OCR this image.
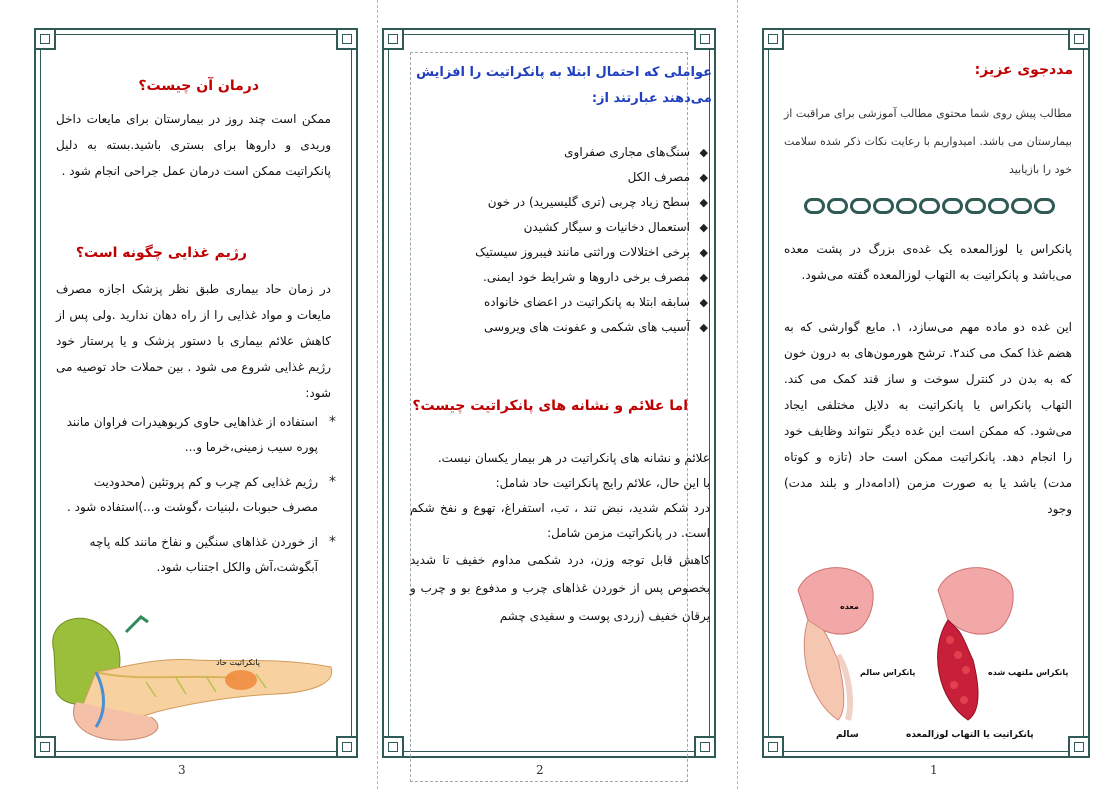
درمان آن چیست؟
ممکن است چند روز در بیمارستان برای مایعات داخل وریدی و داروها برای بستری باشید.بسته به دلیل پانکراتیت ممکن است درمان عمل جراحی انجام شود .
رژیم غذایی چگونه است؟
در زمان حاد بیماری طبق نظر پزشک اجازه مصرف مایعات و مواد غذایی را از راه دهان ندارید .ولی پس از کاهش علائم بیماری با دستور پزشک و یا پرستار خود رژیم غذایی شروع می شود . بین حملات حاد توصیه می شود:
* استفاده از غذاهایی حاوی کربوهیدرات فراوان مانند پوره سیب زمینی،خرما و...
* رژیم غذایی کم چرب و کم پروتئین (محدودیت مصرف حبوبات ،لبنیات ،گوشت و...)استفاده شود .
* از خوردن غذاهای سنگین و نفاخ مانند کله پاچه آبگوشت،آش والکل اجتناب شود.
پانکراتیت حاد
3
عواملی که احتمال ابتلا به پانکراتیت را افزایش می‌دهند عبارتند از:
◆ سنگ‌های مجاری صفراوی
◆ مصرف الکل
◆ سطح زیاد چربی (تری گلیسیرید) در خون
◆ استعمال دخانیات و سیگار کشیدن
◆ برخی اختلالات وراثتی مانند فیبروز سیستیک
◆ مصرف برخی داروها و شرایط خود ایمنی.
◆ سابقه ابتلا به پانکراتیت در اعضای خانواده
◆ آسیب های شکمی و عفونت های ویروسی
اما علائم و نشانه های پانکراتیت چیست؟

علائم و نشانه های پانکراتیت در هر بیمار یکسان نیست.

با این حال، علائم رایج پانکراتیت حاد شامل:

درد شکم شدید، نبض تند ، تب، استفراغ، تهوع و نفخ شکم است. در پانکراتیت مزمن شامل:

کاهش قابل توجه وزن، درد شکمی مداوم خفیف تا شدید بخصوص پس از خوردن غذاهای چرب و مدفوع بو و چرب و یرقان خفیف (زردی پوست و سفیدی چشم

2
مددجوی عزیز:
مطالب پیش روی شما محتوی مطالب آموزشی برای مراقبت از بیمارستان می باشد. امیدواریم با رعایت نکات ذکر شده سلامت خود را بازیابید
پانکراس یا لوزالمعده یک غده‌ی بزرگ در پشت معده می‌باشد و پانکراتیت به التهاب لوزالمعده گفته می‌شود.
این غده دو ماده مهم می‌سازد، ۱. مایع گوارشی که به هضم غذا کمک می کند۲. ترشح هورمون‌های به درون خون که به بدن در کنترل سوخت و ساز قند کمک می کند. التهاب پانکراس یا پانکراتیت به دلایل مختلفی ایجاد می‌شود. که ممکن است این غده دیگر نتواند وظایف خود را انجام دهد. پانکراتیت ممکن است حاد (تازه و کوتاه مدت) باشد یا به صورت مزمن (ادامه‌دار و بلند مدت) وجود
معده
پانکراس سالم	پانکراس ملتهب شده
سالم	پانکراتیت یا التهاب لوزالمعده
1
